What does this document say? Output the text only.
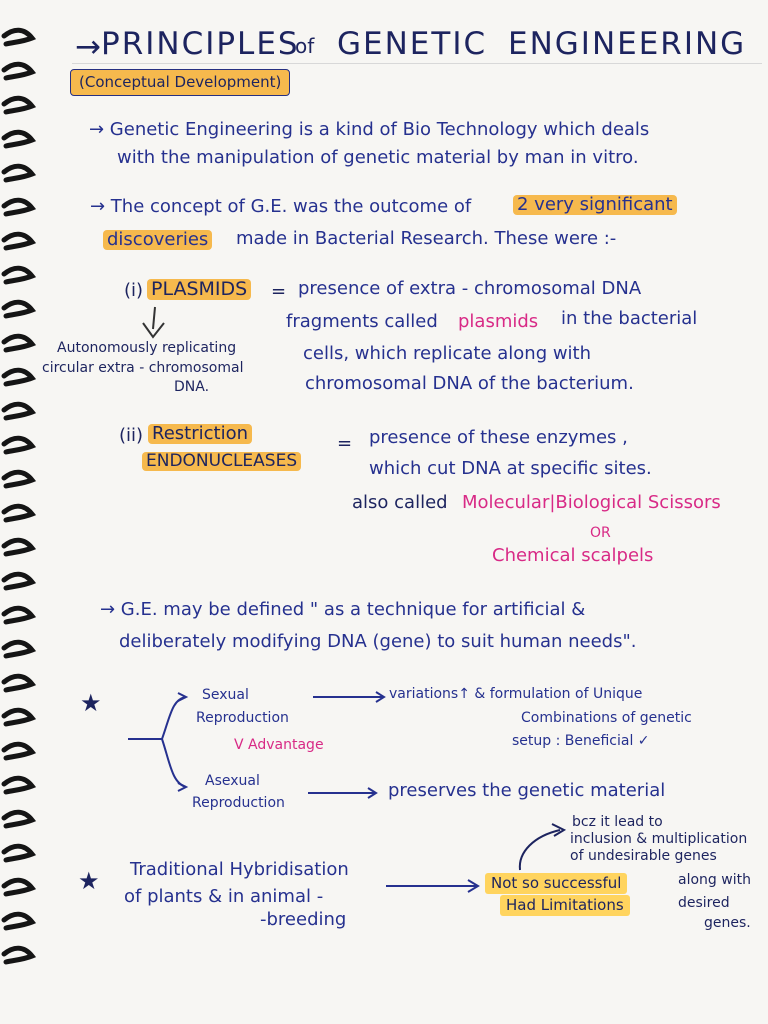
→
PRINCIPLES
of GENETIC ENGINEERING
(Conceptual Development)
→ Genetic Engineering is a kind of Bio Technology which deals
with the manipulation of genetic material by man in vitro.
→ The concept of G.E. was the outcome of	2 very significant
discoveries made in Bacterial Research. These were :-
(i) PLASMIDS = presence of extra - chromosomal DNA
fragments called plasmids in the bacterial
cells, which replicate along with
chromosomal DNA of the bacterium.
Autonomously replicating
circular extra - chromosomal
DNA.
(ii) Restriction
ENDONUCLEASES
= presence of these enzymes ,
which cut DNA at specific sites.
also called Molecular|Biological Scissors
OR
Chemical scalpels
→ G.E. may be defined " as a technique for artificial &
deliberately modifying DNA (gene) to suit human needs".
★	Sexual
Reproduction
V Advantage
variations↑ & formulation of Unique
Combinations of genetic
setup : Beneficial ✓
Asexual
Reproduction
preserves the genetic material
★ Traditional Hybridisation
of plants & in animal -
-breeding
Not so successful
Had Limitations
along with
desired
genes.
bcz it lead to
inclusion & multiplication
of undesirable genes
